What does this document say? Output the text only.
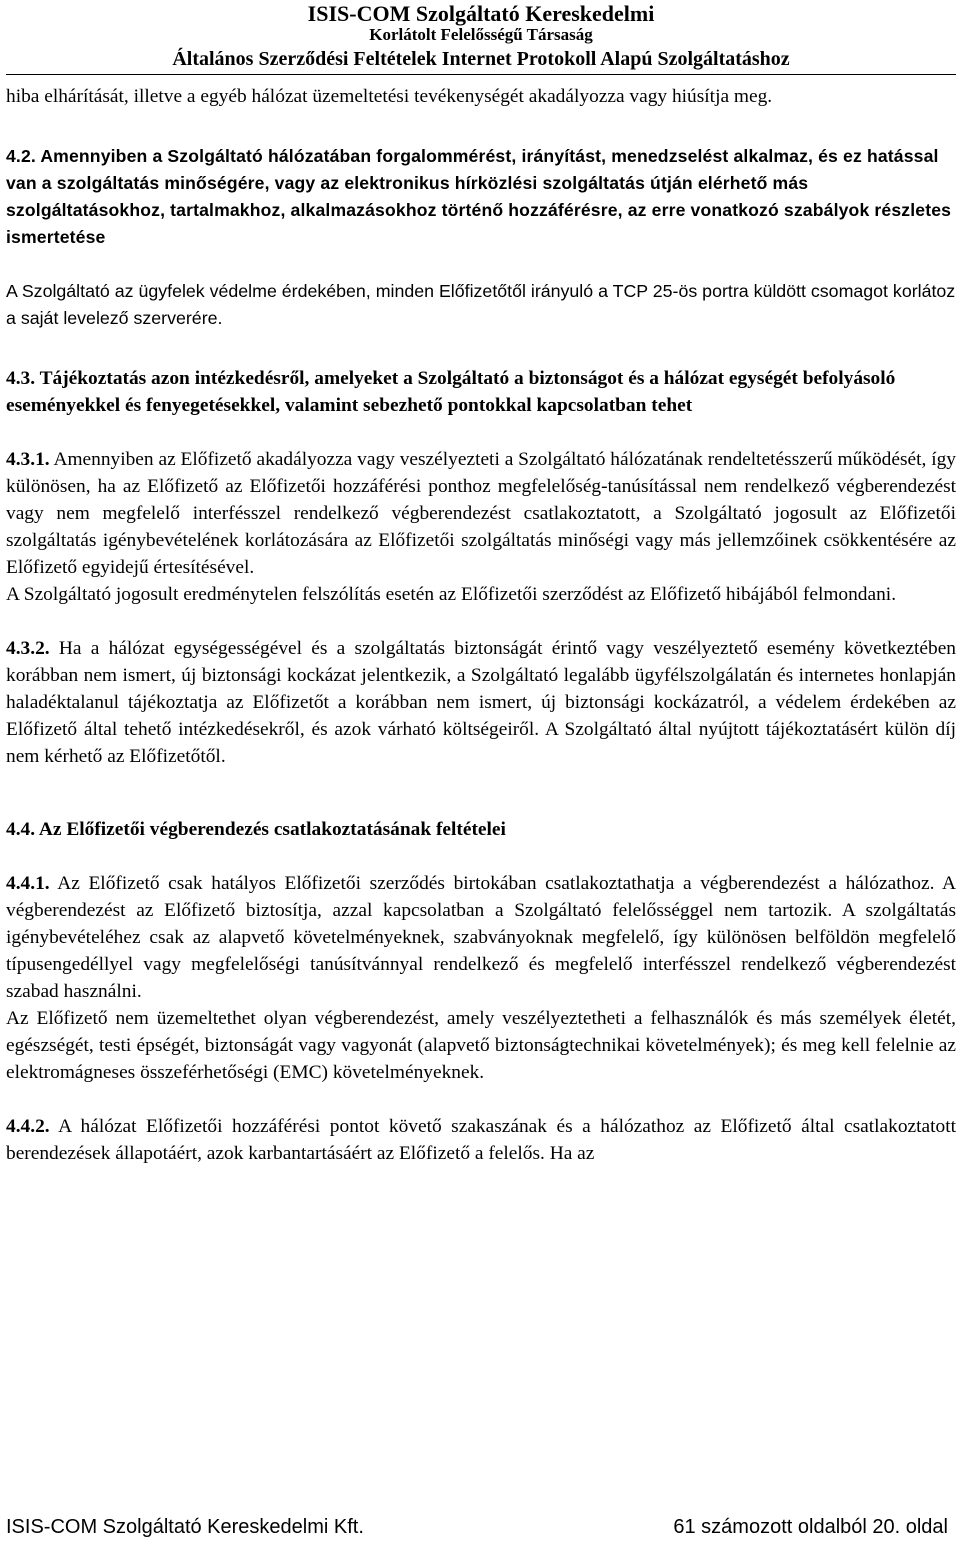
ISIS-COM Szolgáltató Kereskedelmi
Korlátolt Felelősségű Társaság
Általános Szerződési Feltételek Internet Protokoll Alapú Szolgáltatáshoz

hiba elhárítását, illetve a egyéb hálózat üzemeltetési tevékenységét akadályozza vagy hiúsítja meg.

4.2. Amennyiben a Szolgáltató hálózatában forgalommérést, irányítást, menedzselést alkalmaz, és ez hatással van a szolgáltatás minőségére, vagy az elektronikus hírközlési szolgáltatás útján elérhető más szolgáltatásokhoz, tartalmakhoz, alkalmazásokhoz történő hozzáférésre, az erre vonatkozó szabályok részletes ismertetése

A Szolgáltató az ügyfelek védelme érdekében, minden Előfizetőtől irányuló a TCP 25-ös portra küldött csomagot korlátoz a saját levelező szerverére.

4.3. Tájékoztatás azon intézkedésről, amelyeket a Szolgáltató a biztonságot és a hálózat egységét befolyásoló eseményekkel és fenyegetésekkel, valamint sebezhető pontokkal kapcsolatban tehet

4.3.1. Amennyiben az Előfizető akadályozza vagy veszélyezteti a Szolgáltató hálózatának rendeltetésszerű működését, így különösen, ha az Előfizető az Előfizetői hozzáférési ponthoz megfelelőség-tanúsítással nem rendelkező végberendezést vagy nem megfelelő interfésszel rendelkező végberendezést csatlakoztatott, a Szolgáltató jogosult az Előfizetői szolgáltatás igénybevételének korlátozására az Előfizetői szolgáltatás minőségi vagy más jellemzőinek csökkentésére az Előfizető egyidejű értesítésével.

A Szolgáltató jogosult eredménytelen felszólítás esetén az Előfizetői szerződést az Előfizető hibájából felmondani.

4.3.2. Ha a hálózat egységességével és a szolgáltatás biztonságát érintő vagy veszélyeztető esemény következtében korábban nem ismert, új biztonsági kockázat jelentkezik, a Szolgáltató legalább ügyfélszolgálatán és internetes honlapján haladéktalanul tájékoztatja az Előfizetőt a korábban nem ismert, új biztonsági kockázatról, a védelem érdekében az Előfizető által tehető intézkedésekről, és azok várható költségeiről. A Szolgáltató által nyújtott tájékoztatásért külön díj nem kérhető az Előfizetőtől.

4.4. Az Előfizetői végberendezés csatlakoztatásának feltételei

4.4.1. Az Előfizető csak hatályos Előfizetői szerződés birtokában csatlakoztathatja a végberendezést a hálózathoz. A végberendezést az Előfizető biztosítja, azzal kapcsolatban a Szolgáltató felelősséggel nem tartozik. A szolgáltatás igénybevételéhez csak az alapvető követelményeknek, szabványoknak megfelelő, így különösen belföldön megfelelő típusengedéllyel vagy megfelelőségi tanúsítvánnyal rendelkező és megfelelő interfésszel rendelkező végberendezést szabad használni.

Az Előfizető nem üzemeltethet olyan végberendezést, amely veszélyeztetheti a felhasználók és más személyek életét, egészségét, testi épségét, biztonságát vagy vagyonát (alapvető biztonságtechnikai követelmények); és meg kell felelnie az elektromágneses összeférhetőségi (EMC) követelményeknek.

4.4.2. A hálózat Előfizetői hozzáférési pontot követő szakaszának és a hálózathoz az Előfizető által csatlakoztatott berendezések állapotáért, azok karbantartásáért az Előfizető a felelős. Ha az

ISIS-COM Szolgáltató Kereskedelmi Kft.	61 számozott oldalból 20. oldal
